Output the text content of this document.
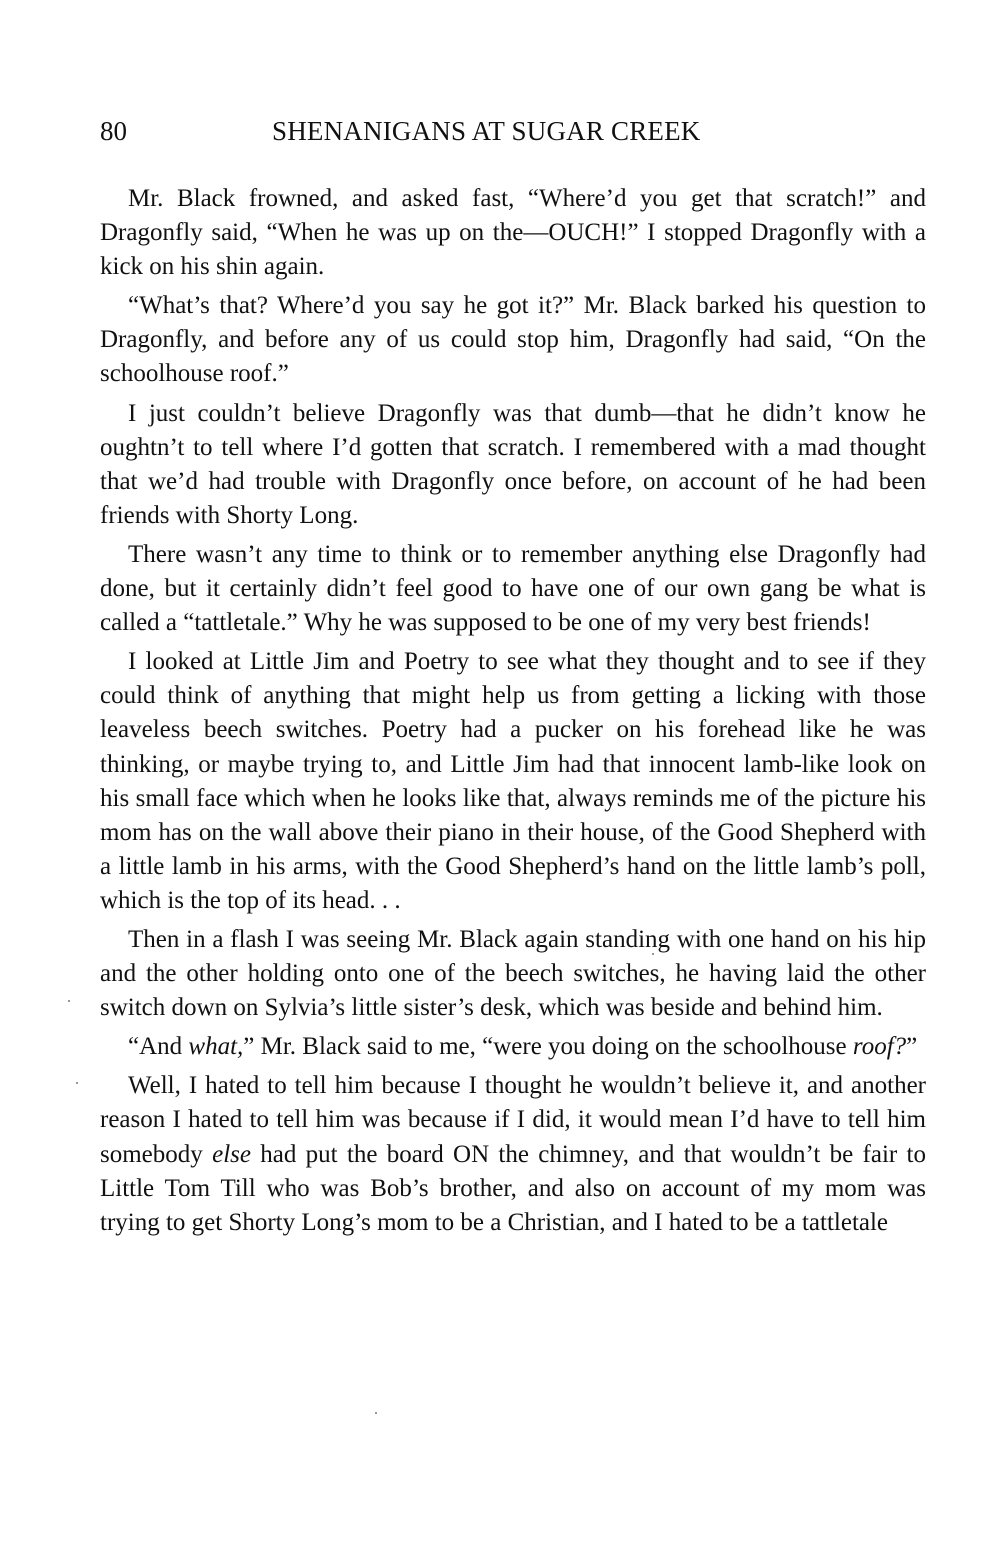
80	SHENANIGANS AT SUGAR CREEK

Mr. Black frowned, and asked fast, “Where’d you get that scratch!” and Dragonfly said, “When he was up on the—OUCH!” I stopped Dragonfly with a kick on his shin again.

“What’s that? Where’d you say he got it?” Mr. Black barked his question to Dragonfly, and before any of us could stop him, Dragonfly had said, “On the schoolhouse roof.”

I just couldn’t believe Dragonfly was that dumb—that he didn’t know he oughtn’t to tell where I’d gotten that scratch. I remembered with a mad thought that we’d had trouble with Dragonfly once before, on account of he had been friends with Shorty Long.

There wasn’t any time to think or to remember anything else Dragonfly had done, but it certainly didn’t feel good to have one of our own gang be what is called a “tattletale.” Why he was supposed to be one of my very best friends!

I looked at Little Jim and Poetry to see what they thought and to see if they could think of anything that might help us from getting a licking with those leaveless beech switches. Poetry had a pucker on his forehead like he was thinking, or maybe trying to, and Little Jim had that innocent lamb-like look on his small face which when he looks like that, always reminds me of the picture his mom has on the wall above their piano in their house, of the Good Shepherd with a little lamb in his arms, with the Good Shepherd’s hand on the little lamb’s poll, which is the top of its head. . .

Then in a flash I was seeing Mr. Black again standing with one hand on his hip and the other holding onto one of the beech switches, he having laid the other switch down on Sylvia’s little sister’s desk, which was beside and behind him.

“And what,” Mr. Black said to me, “were you doing on the schoolhouse roof?”

Well, I hated to tell him because I thought he wouldn’t believe it, and another reason I hated to tell him was because if I did, it would mean I’d have to tell him somebody else had put the board ON the chimney, and that wouldn’t be fair to Little Tom Till who was Bob’s brother, and also on account of my mom was trying to get Shorty Long’s mom to be a Christian, and I hated to be a tattletale
